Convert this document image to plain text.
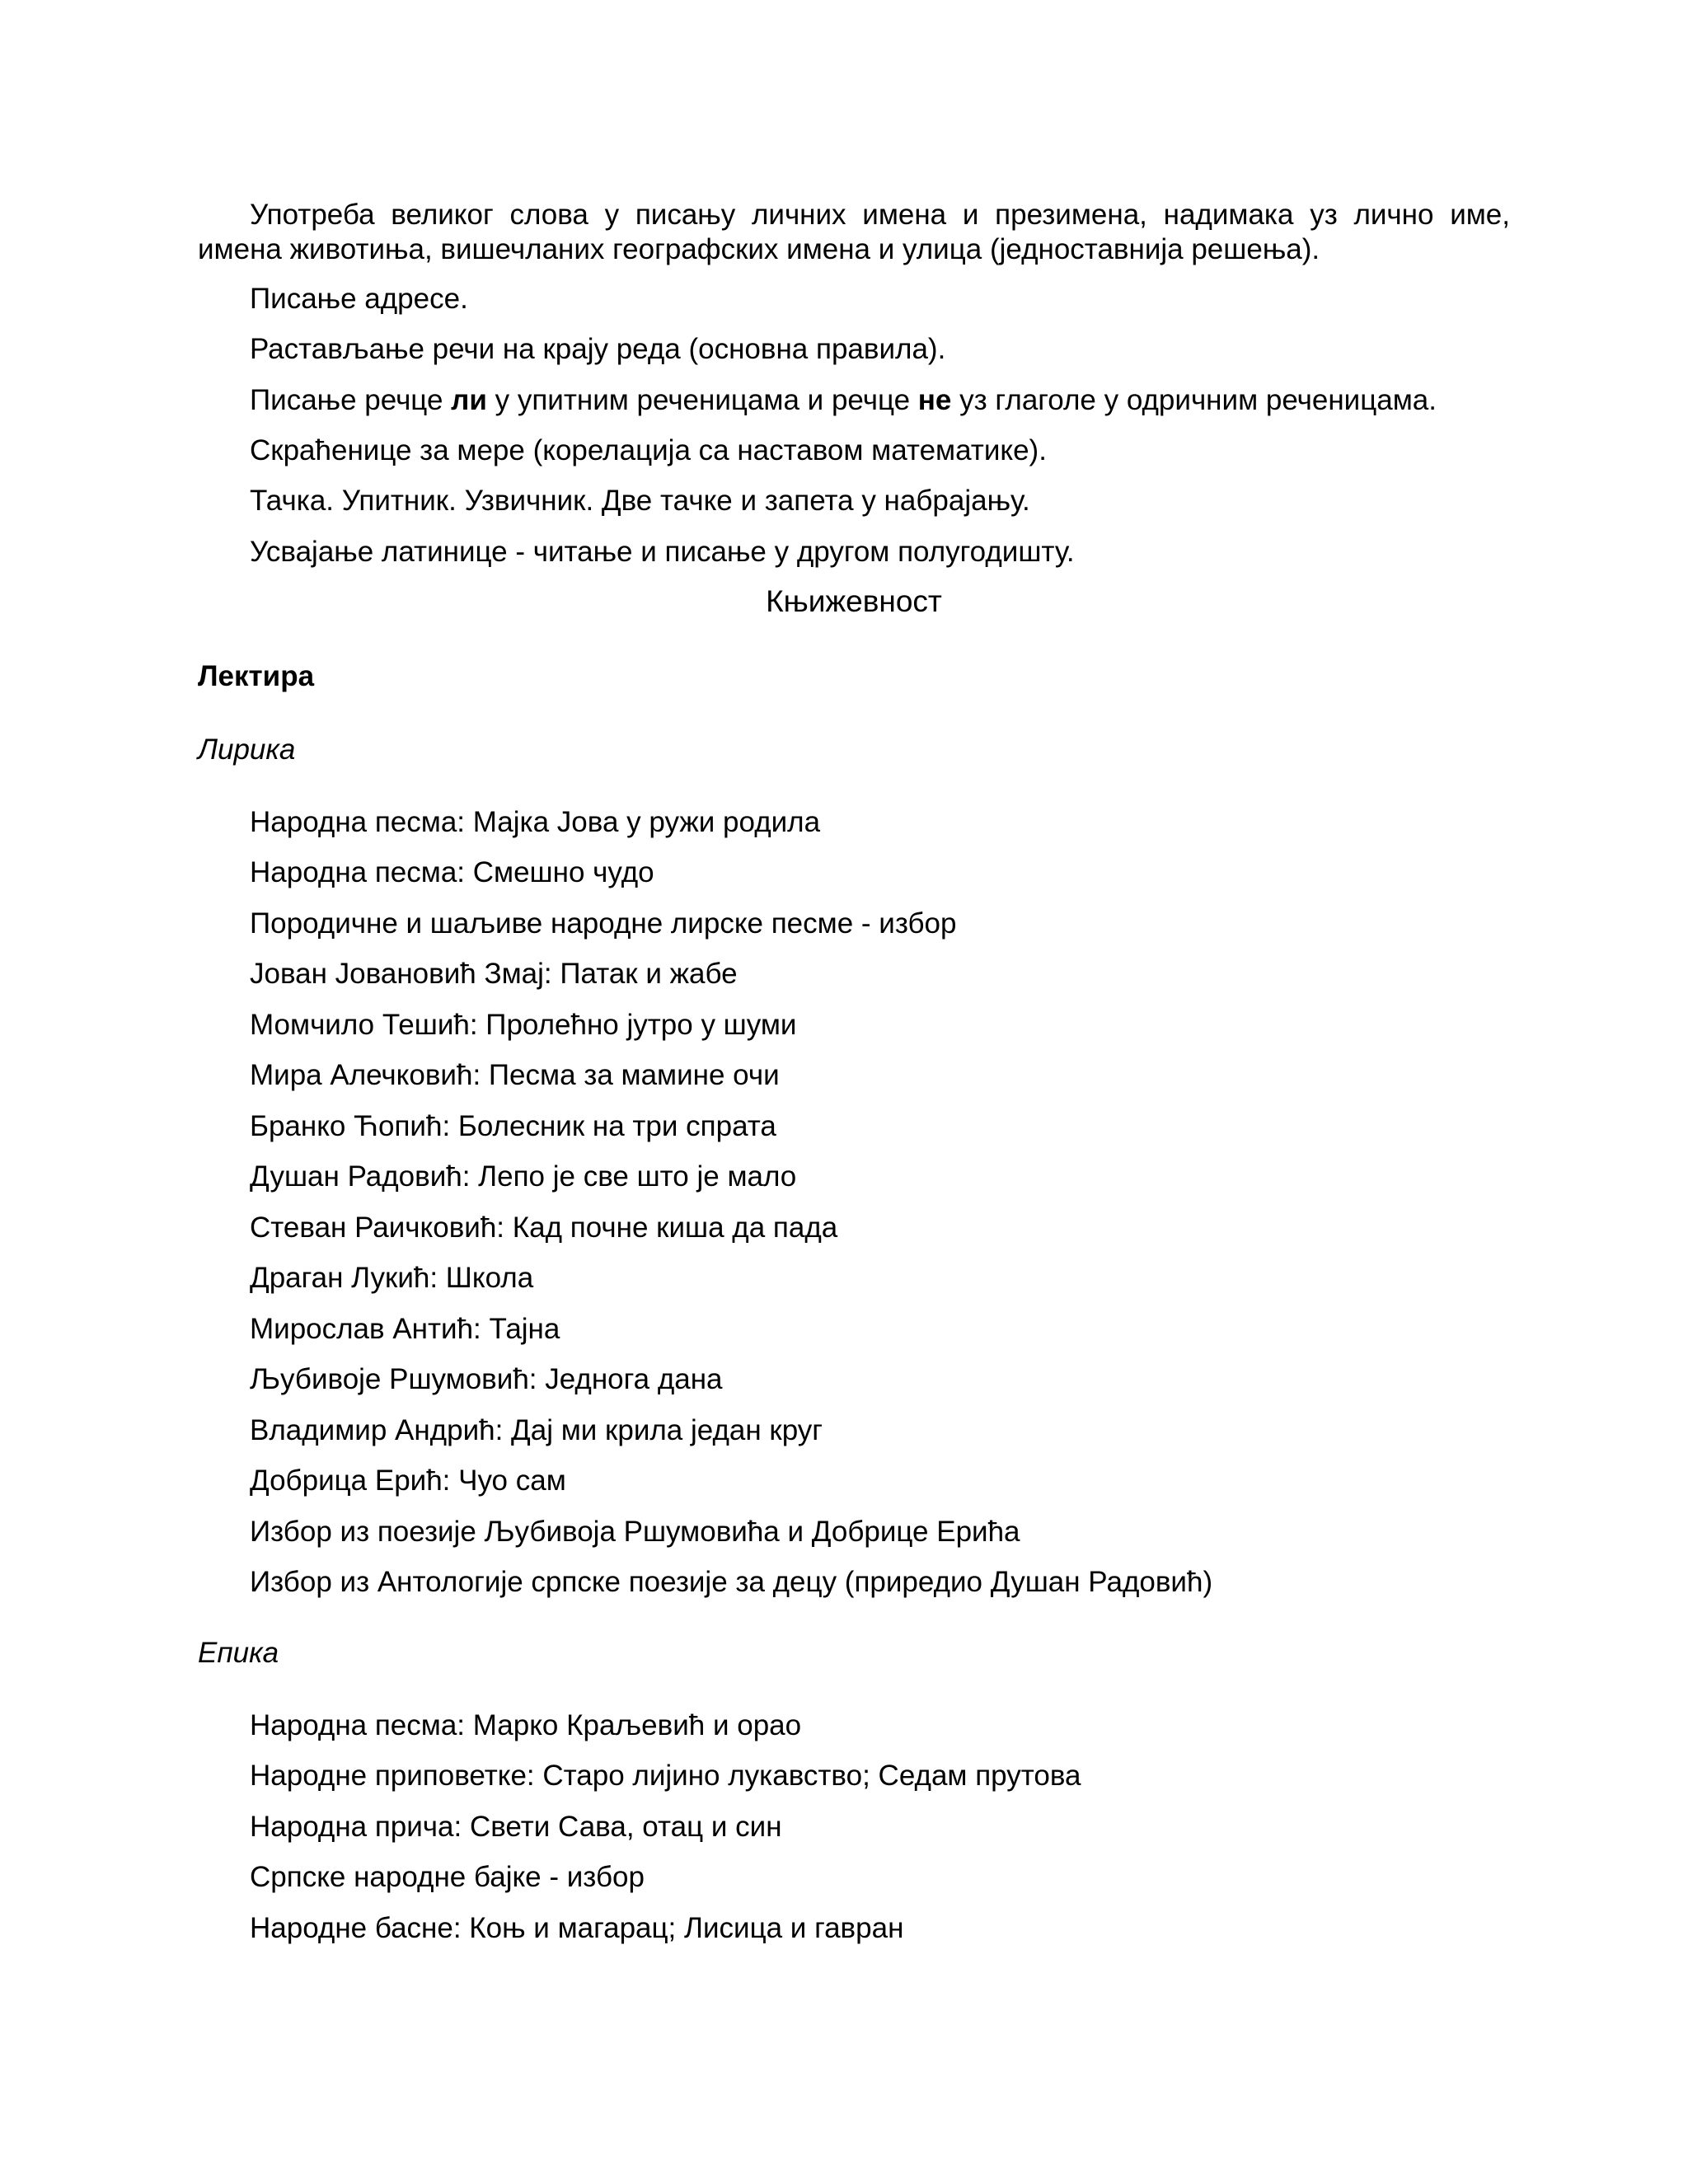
Употреба великог слова у писању личних имена и презимена, надимака уз лично име,

имена животиња, вишечланих географских имена и улица (једноставнија решења).

Писање адресе.

Растављање речи на крају реда (основна правила).

Писање речце ли у упитним реченицама и речце не уз глаголе у одричним реченицама.

Скраћенице за мере (корелација са наставом математике).

Тачка. Упитник. Узвичник. Две тачке и запета у набрајању.

Усвајање латинице - читање и писање у другом полугодишту.

Књижевност

Лектира

Лирика

Народна песма: Мајка Јова у ружи родила

Народна песма: Смешно чудо

Породичне и шаљиве народне лирске песме - избор

Јован Јовановић Змај: Патак и жабе

Момчило Тешић: Пролећно јутро у шуми

Мира Алечковић: Песма за мамине очи

Бранко Ћопић: Болесник на три спрата

Душан Радовић: Лепо је све што је мало

Стеван Раичковић: Кад почне киша да пада

Драган Лукић: Школа

Мирослав Антић: Тајна

Љубивоје Ршумовић: Једнога дана

Владимир Андрић: Дај ми крила један круг

Добрица Ерић: Чуо сам

Избор из поезије Љубивоја Ршумовића и Добрице Ерића

Избор из Антологије српске поезије за децу (приредио Душан Радовић)

Епика

Народна песма: Марко Краљевић и орао

Народне приповетке: Старо лијино лукавство; Седам прутова

Народна прича: Свети Сава, отац и син

Српске народне бајке - избор

Народне басне: Коњ и магарац; Лисица и гавран
